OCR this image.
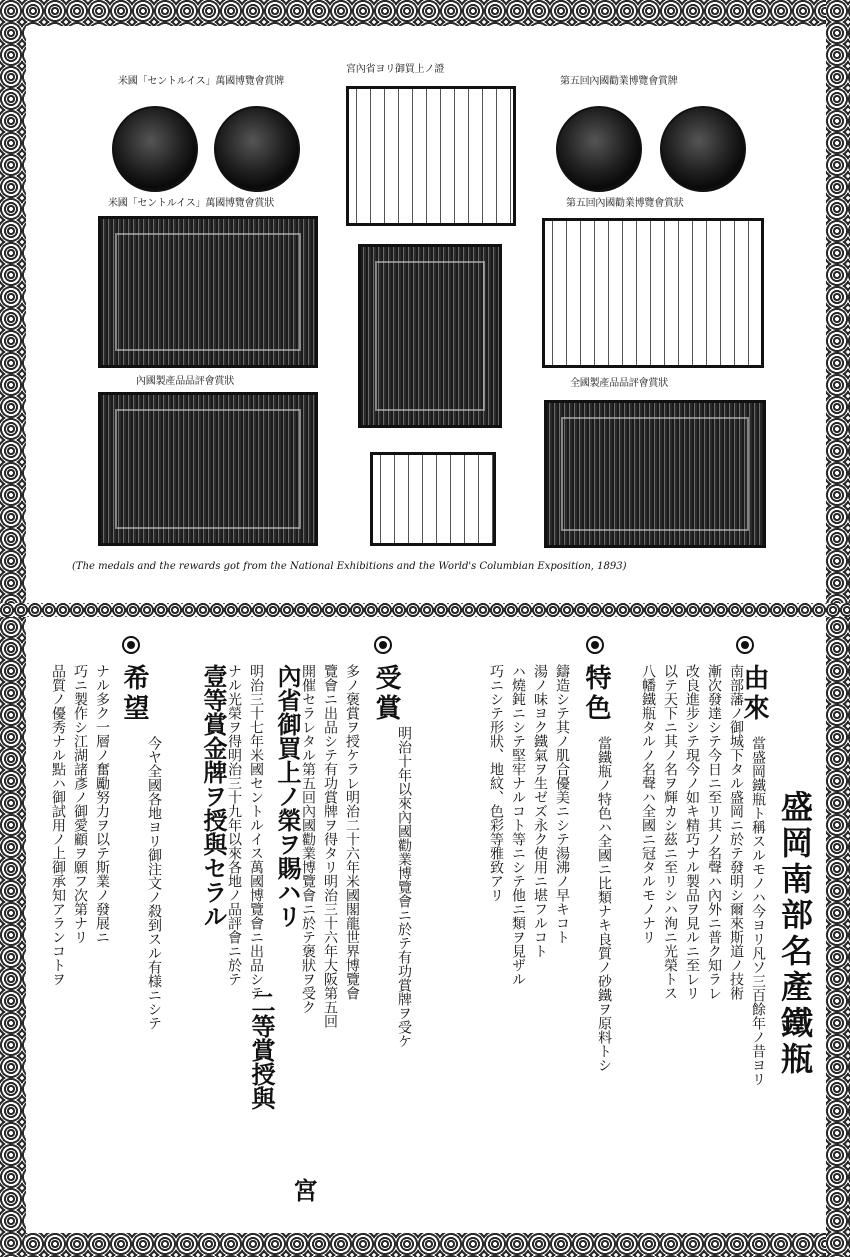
米國「セントルイス」萬國博覽會賞牌
宮內省ヨリ御買上ノ證
第五回內國勸業博覽會賞牌
米國「セントルイス」萬國博覽會賞狀	第五回內國勸業博覽會賞狀
內國製產品品評會賞狀	全國製產品品評會賞狀
(The medals and the rewards got from the National Exhibitions and the World's Columbian Exposition, 1893)
盛岡南部名產鐵瓶
由來
當盛岡鐵瓶ト稱スルモノハ今ヨリ凡ソ三百餘年ノ昔ヨリ
南部藩ノ御城下タル盛岡ニ於テ發明シ爾來斯道ノ技術
漸次發達シテ今日ニ至リ其ノ名聲ハ內外ニ普ク知ラレ
改良進步シテ現今ノ如キ精巧ナル製品ヲ見ルニ至レリ
以テ天下ニ其ノ名ヲ輝カシ茲ニ至リシハ洵ニ光榮トス
八幡鐵瓶タルノ名聲ハ全國ニ冠タルモノナリ
特色
當鐵瓶ノ特色ハ全國ニ比類ナキ良質ノ砂鐵ヲ原料トシ
鑄造シテ其ノ肌合優美ニシテ湯沸ノ早キコト
湯ノ味ヨク鐵氣ヲ生ゼズ永ク使用ニ堪フルコト
ハ燒鈍ニシテ堅牢ナルコト等ニシテ他ニ類ヲ見ザル
巧ニシテ形狀、地紋、色彩等雅致アリ
受賞
明治十年以來內國勸業博覽會ニ於テ有功賞牌ヲ受ケ
多ノ褒賞ヲ授ケラレ明治二十六年米國閣龍世界博覽會
覽會ニ出品シテ有功賞牌ヲ得タリ明治三十六年大阪第五回
開催セラレタル第五回內國勸業博覽會ニ於テ褒狀ヲ受ク
內省御買上ノ榮ヲ賜ハリ
二等賞授與
宮
明治三十七年米國セントルイス萬國博覽會ニ出品シテ
ナル光榮ヲ得明治三十九年以來各地ノ品評會ニ於テ
壹等賞金牌ヲ授與セラル
希望
今ヤ全國各地ヨリ御注文ノ殺到スル有様ニシテ
ナル多ク一層ノ奮勵努力ヲ以テ斯業ノ發展ニ
巧ニ製作シ江湖諸彥ノ御愛顧ヲ願フ次第ナリ
品質ノ優秀ナル點ハ御試用ノ上御承知アランコトヲ
